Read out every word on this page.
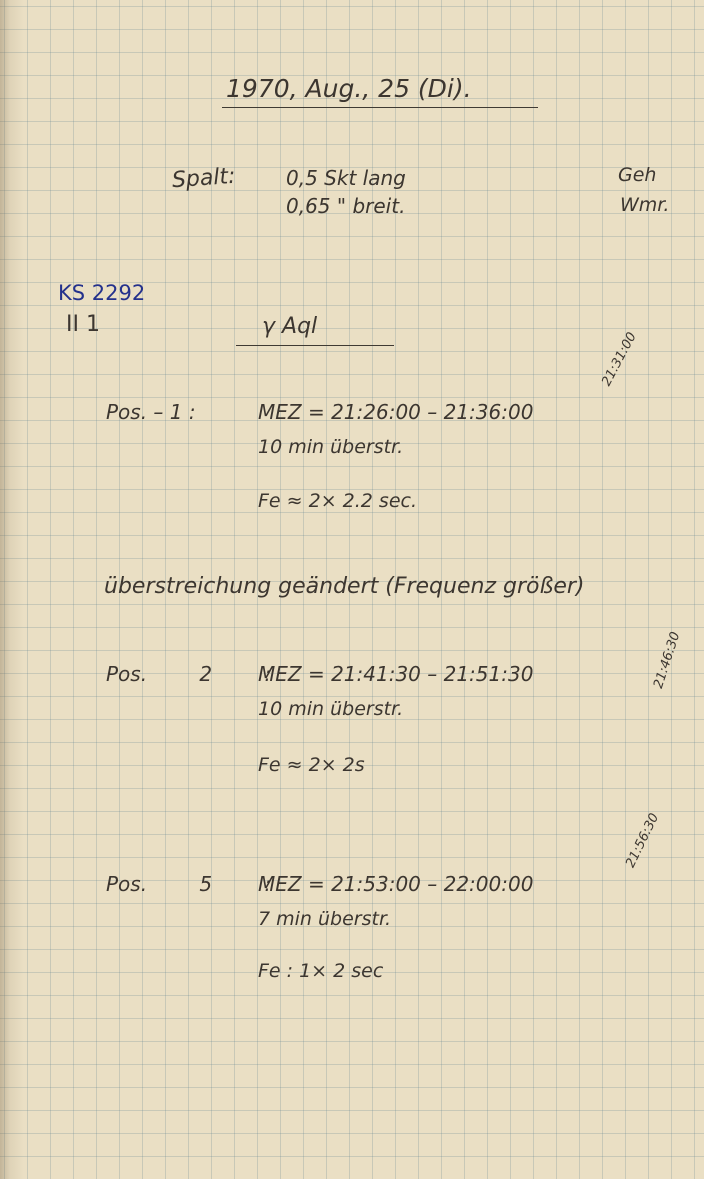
1970, Aug., 25 (Di).
Spalt: 0,5 Skt lang
0,65 " breit.
Geh
Wmr.
KS 2292
II 1	γ Aql
Pos. – 1 :	MEZ = 21:26:00 – 21:36:00
10 min überstr.
Fe ≈ 2× 2.2 sec.
21:31:00
überstreichung geändert (Frequenz größer)
Pos. 2 :
MEZ = 21:41:30 – 21:51:30
10 min überstr.
Fe ≈ 2× 2s
21:46:30
Pos. 5 :
MEZ = 21:53:00 – 22:00:00
7 min überstr.
Fe : 1× 2 sec
21:56:30
